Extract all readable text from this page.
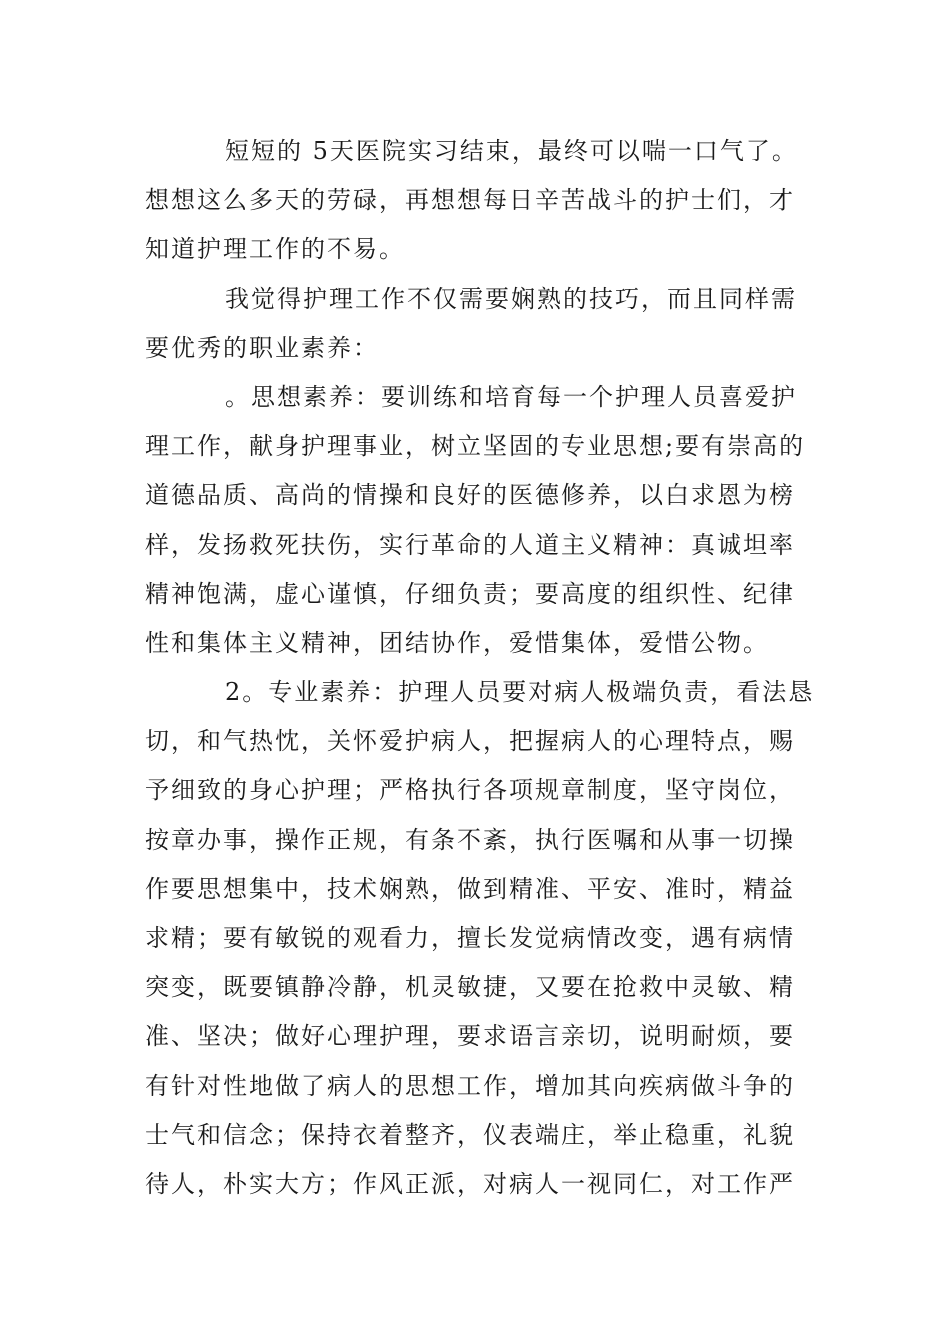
短短的 5天医院实习结束，最终可以喘一口气了。
想想这么多天的劳碌，再想想每日辛苦战斗的护士们，才
知道护理工作的不易。
我觉得护理工作不仅需要娴熟的技巧，而且同样需
要优秀的职业素养：
。思想素养：要训练和培育每一个护理人员喜爱护
理工作，献身护理事业，树立坚固的专业思想;要有崇高的
道德品质、高尚的情操和良好的医德修养，以白求恩为榜
样，发扬救死扶伤，实行革命的人道主义精神：真诚坦率
精神饱满，虚心谨慎，仔细负责；要高度的组织性、纪律
性和集体主义精神，团结协作，爱惜集体，爱惜公物。
2。专业素养：护理人员要对病人极端负责，看法恳
切，和气热忱，关怀爱护病人，把握病人的心理特点，赐
予细致的身心护理；严格执行各项规章制度，坚守岗位，
按章办事，操作正规，有条不紊，执行医嘱和从事一切操
作要思想集中，技术娴熟，做到精准、平安、准时，精益
求精；要有敏锐的观看力，擅长发觉病情改变，遇有病情
突变，既要镇静冷静，机灵敏捷，又要在抢救中灵敏、精
准、坚决；做好心理护理，要求语言亲切，说明耐烦，要
有针对性地做了病人的思想工作，增加其向疾病做斗争的
士气和信念；保持衣着整齐，仪表端庄，举止稳重，礼貌
待人，朴实大方；作风正派，对病人一视同仁，对工作严
